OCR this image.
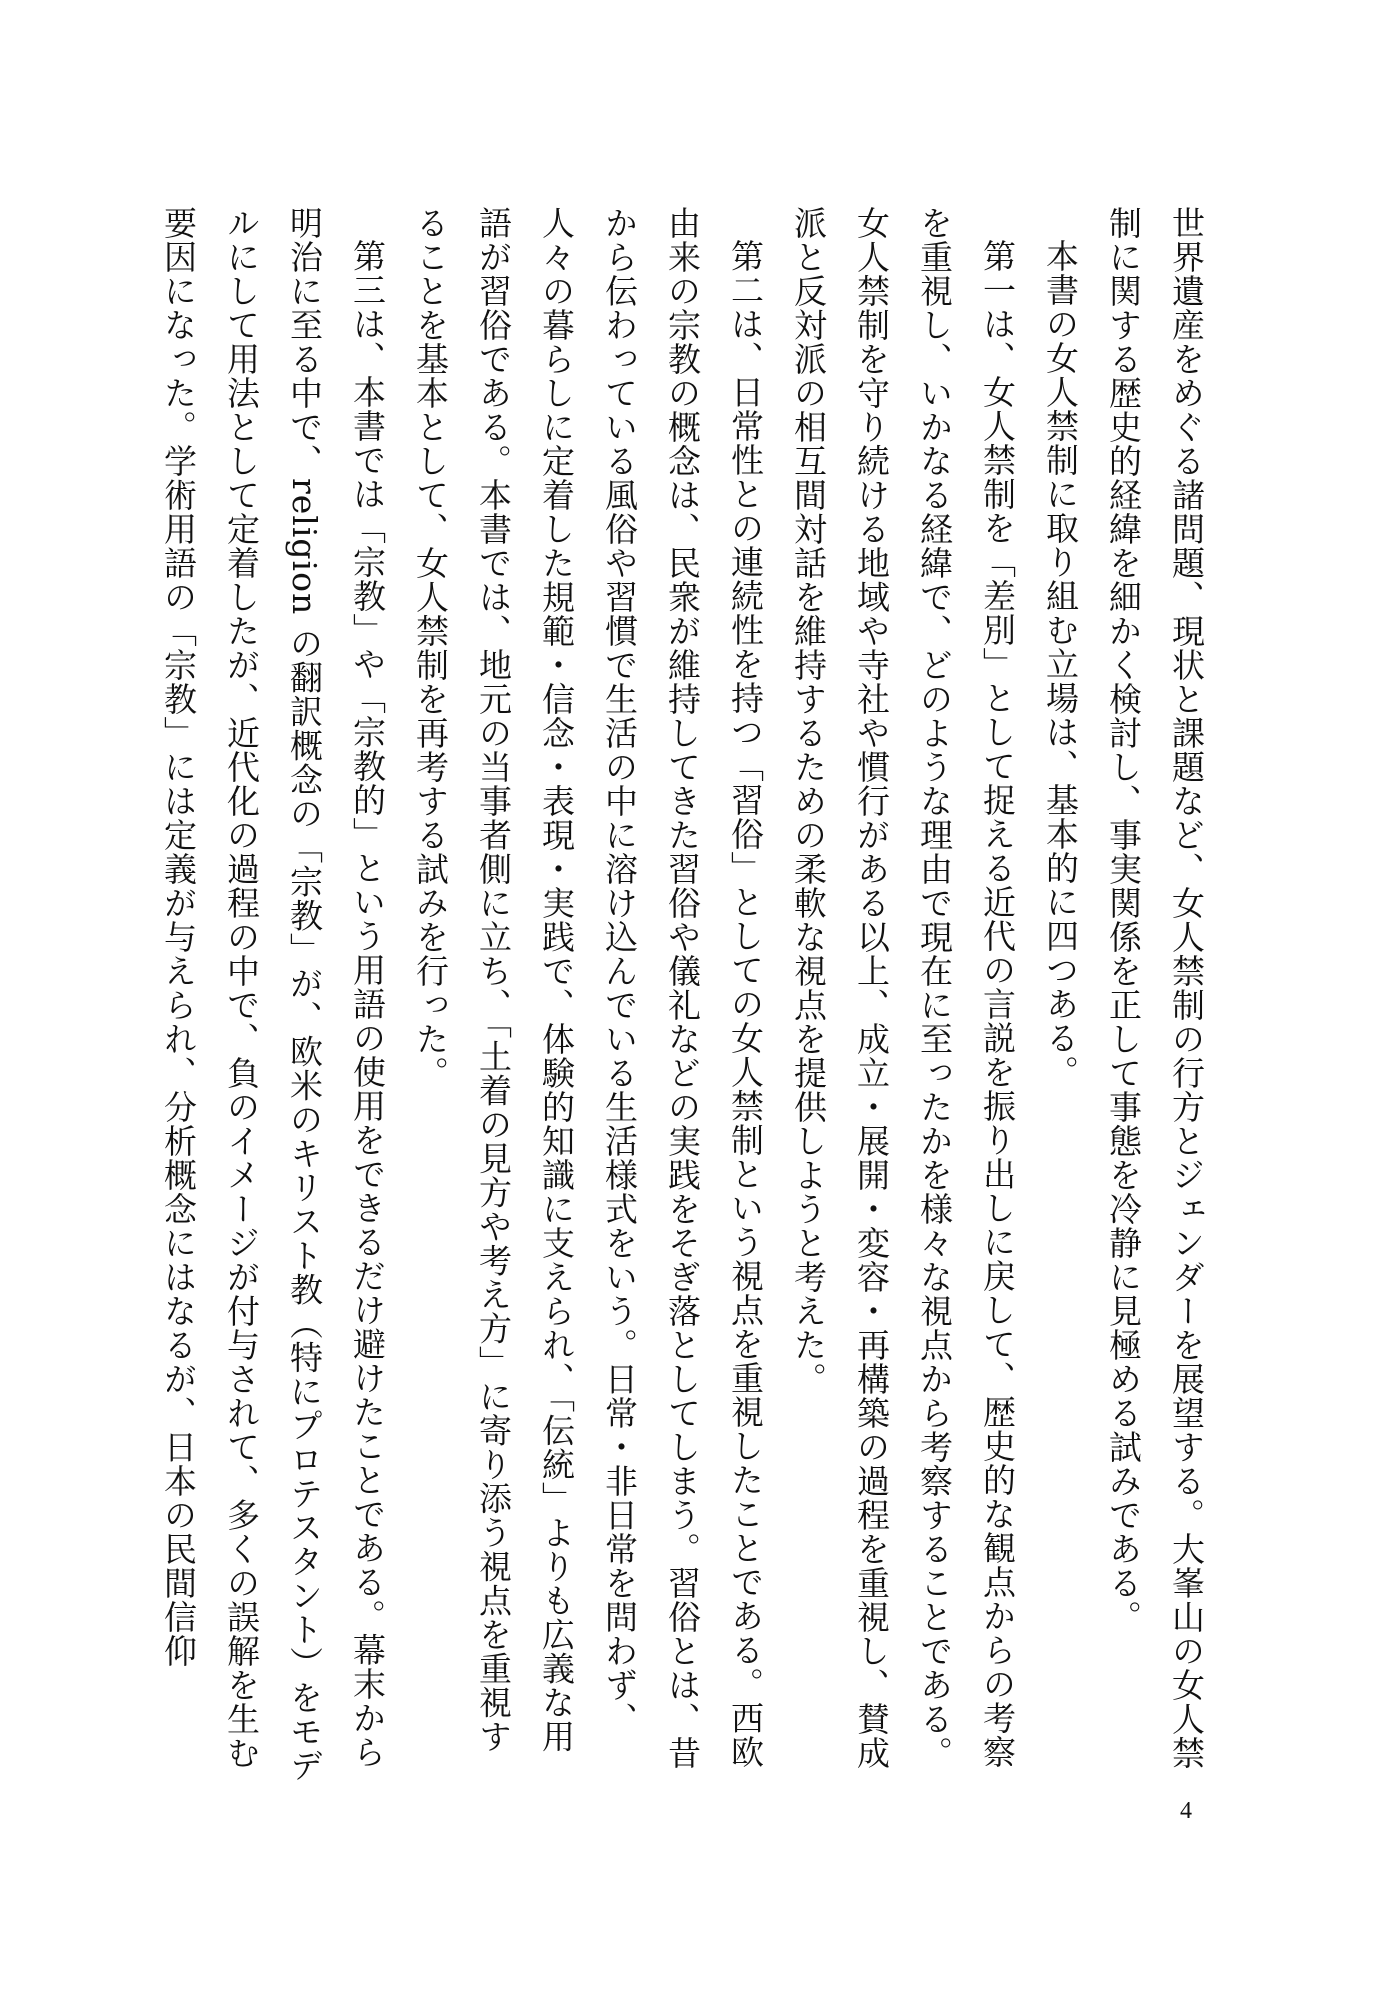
世界遺産をめぐる諸問題、現状と課題など、女人禁制の行方とジェンダーを展望する。大峯山の女人禁制に関する歴史的経緯を細かく検討し、事実関係を正して事態を冷静に見極める試みである。

本書の女人禁制に取り組む立場は、基本的に四つある。

第一は、女人禁制を「差別」として捉える近代の言説を振り出しに戻して、歴史的な観点からの考察を重視し、いかなる経緯で、どのような理由で現在に至ったかを様々な視点から考察することである。女人禁制を守り続ける地域や寺社や慣行がある以上、成立・展開・変容・再構築の過程を重視し、賛成派と反対派の相互間対話を維持するための柔軟な視点を提供しようと考えた。

第二は、日常性との連続性を持つ「習俗」としての女人禁制という視点を重視したことである。西欧由来の宗教の概念は、民衆が維持してきた習俗や儀礼などの実践をそぎ落としてしまう。習俗とは、昔から伝わっている風俗や習慣で生活の中に溶け込んでいる生活様式をいう。日常・非日常を問わず、人々の暮らしに定着した規範・信念・表現・実践で、体験的知識に支えられ、「伝統」よりも広義な用語が習俗である。本書では、地元の当事者側に立ち、「土着の見方や考え方」に寄り添う視点を重視することを基本として、女人禁制を再考する試みを行った。

第三は、本書では「宗教」や「宗教的」という用語の使用をできるだけ避けたことである。幕末から明治に至る中で、religion の翻訳概念の「宗教」が、欧米のキリスト教（特にプロテスタント）をモデルにして用法として定着したが、近代化の過程の中で、負のイメージが付与されて、多くの誤解を生む要因になった。学術用語の「宗教」には定義が与えられ、分析概念にはなるが、日本の民間信仰

4
